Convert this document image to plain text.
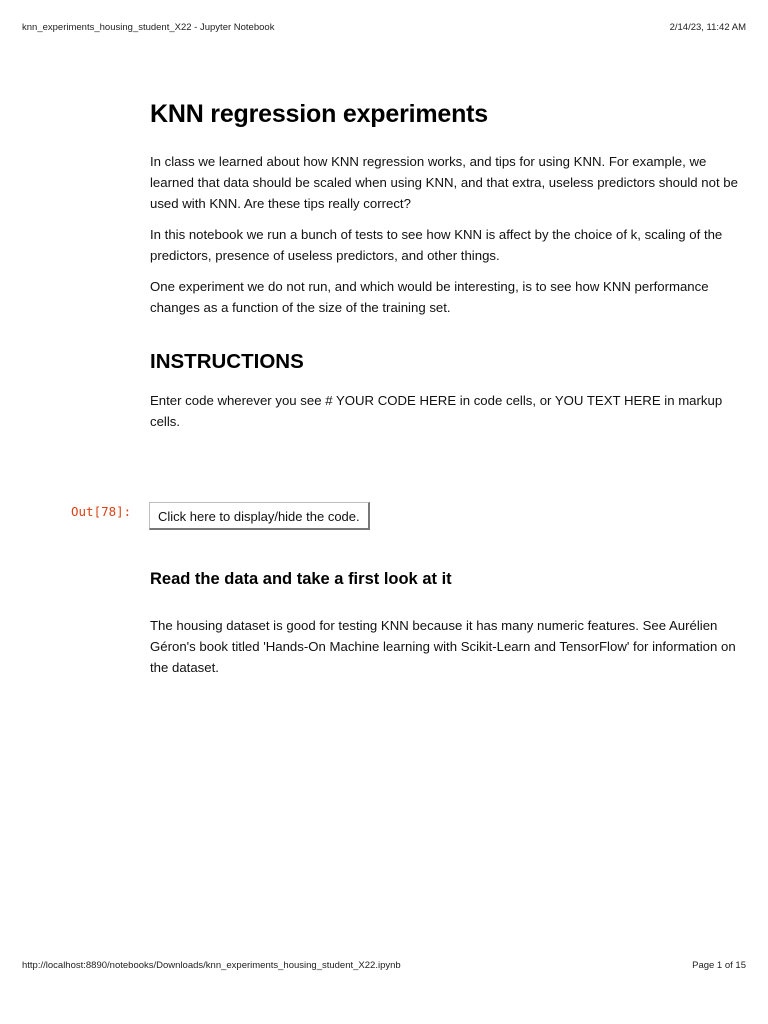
knn_experiments_housing_student_X22 - Jupyter Notebook	2/14/23, 11:42 AM
KNN regression experiments

In class we learned about how KNN regression works, and tips for using KNN. For example, we learned that data should be scaled when using KNN, and that extra, useless predictors should not be used with KNN. Are these tips really correct?

In this notebook we run a bunch of tests to see how KNN is affect by the choice of k, scaling of the predictors, presence of useless predictors, and other things.

One experiment we do not run, and which would be interesting, is to see how KNN performance changes as a function of the size of the training set.

INSTRUCTIONS

Enter code wherever you see # YOUR CODE HERE in code cells, or YOU TEXT HERE in markup cells.

Out[78]:	Click here to display/hide the code.
Read the data and take a first look at it

The housing dataset is good for testing KNN because it has many numeric features. See Aurélien Géron's book titled 'Hands-On Machine learning with Scikit-Learn and TensorFlow' for information on the dataset.

http://localhost:8890/notebooks/Downloads/knn_experiments_housing_student_X22.ipynb	Page 1 of 15
